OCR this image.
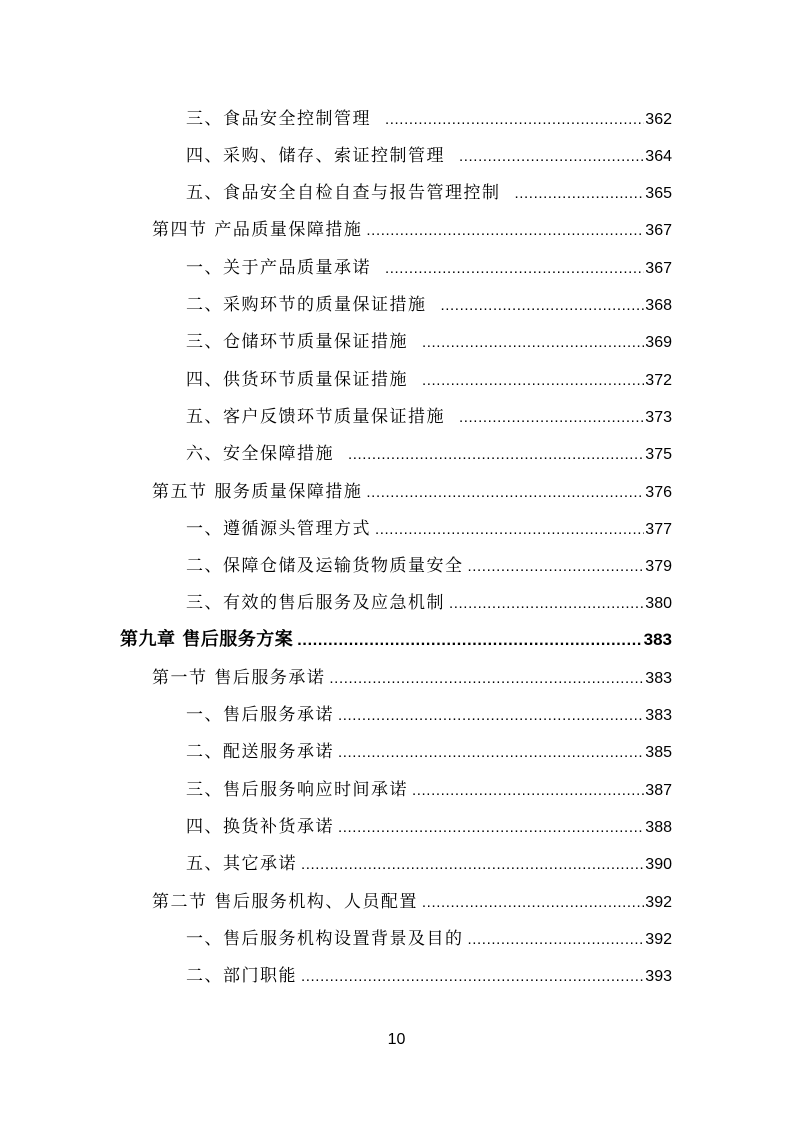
三、食品安全控制管理 .....	362
四、采购、储存、索证控制管理 .....	364
五、食品安全自检自查与报告管理控制 .....	365
第四节 产品质量保障措施 .....	367
一、关于产品质量承诺 .....	367
二、采购环节的质量保证措施 .....	368
三、仓储环节质量保证措施 .....	369
四、供货环节质量保证措施 .....	372
五、客户反馈环节质量保证措施 .....	373
六、安全保障措施 .....	375
第五节 服务质量保障措施 .....	376
一、遵循源头管理方式 .....	377
二、保障仓储及运输货物质量安全 .....	379
三、有效的售后服务及应急机制 .....	380
第九章 售后服务方案 .....	383
第一节 售后服务承诺 .....	383
一、售后服务承诺 .....	383
二、配送服务承诺 .....	385
三、售后服务响应时间承诺 .....	387
四、换货补货承诺 .....	388
五、其它承诺 .....	390
第二节 售后服务机构、人员配置 .....	392
一、售后服务机构设置背景及目的 .....	392
二、部门职能 .....	393
10
